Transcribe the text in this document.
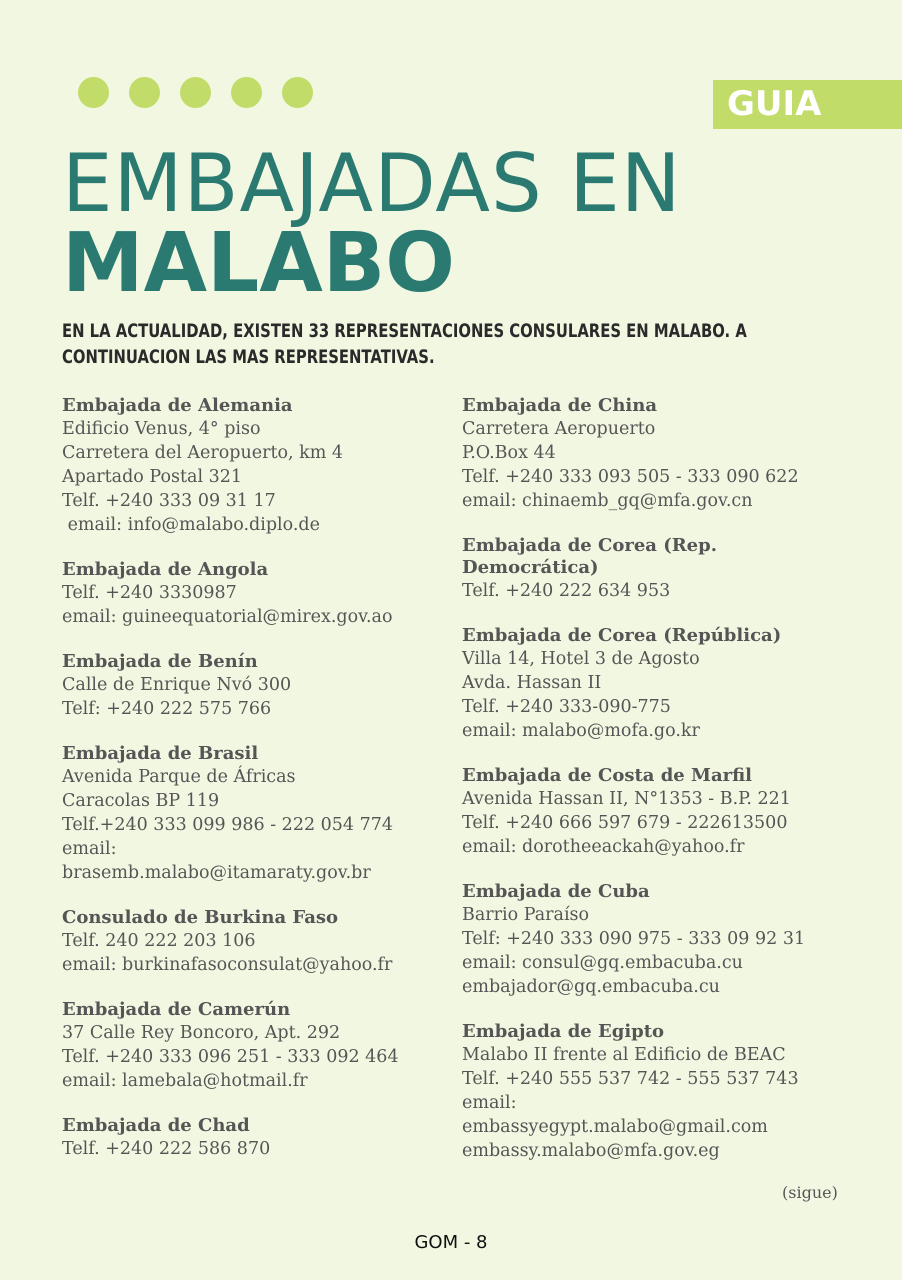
GUIA
EMBAJADAS EN
MALABO
EN LA ACTUALIDAD, EXISTEN 33 REPRESENTACIONES CONSULARES EN MALABO. A CONTINUACION LAS MAS REPRESENTATIVAS.
Embajada de Alemania
Edificio Venus, 4° piso
Carretera del Aeropuerto, km 4
Apartado Postal 321
Telf. +240 333 09 31 17
email: info@malabo.diplo.de
Embajada de Angola
Telf. +240 3330987
email: guineequatorial@mirex.gov.ao
Embajada de Benín
Calle de Enrique Nvó 300
Telf: +240 222 575 766
Embajada de Brasil
Avenida Parque de Áfricas
Caracolas BP 119
Telf.+240 333 099 986 - 222 054 774
email:
brasemb.malabo@itamaraty.gov.br
Consulado de Burkina Faso
Telf. 240 222 203 106
email: burkinafasoconsulat@yahoo.fr
Embajada de Camerún
37 Calle Rey Boncoro, Apt. 292
Telf. +240 333 096 251 - 333 092 464
email: lamebala@hotmail.fr
Embajada de Chad
Telf. +240 222 586 870
Embajada de China
Carretera Aeropuerto
P.O.Box 44
Telf. +240 333 093 505 - 333 090 622
email: chinaemb_gq@mfa.gov.cn
Embajada de Corea (Rep. Democrática)
Telf. +240 222 634 953
Embajada de Corea (República)
Villa 14, Hotel 3 de Agosto
Avda. Hassan II
Telf. +240 333-090-775
email: malabo@mofa.go.kr
Embajada de Costa de Marfil
Avenida Hassan II, N°1353 - B.P. 221
Telf. +240 666 597 679 - 222613500
email: dorotheeackah@yahoo.fr
Embajada de Cuba
Barrio Paraíso
Telf: +240 333 090 975 - 333 09 92 31
email: consul@gq.embacuba.cu
embajador@gq.embacuba.cu
Embajada de Egipto
Malabo II frente al Edificio de BEAC
Telf. +240 555 537 742 - 555 537 743
email:
embassyegypt.malabo@gmail.com
embassy.malabo@mfa.gov.eg
(sigue)
GOM - 8
